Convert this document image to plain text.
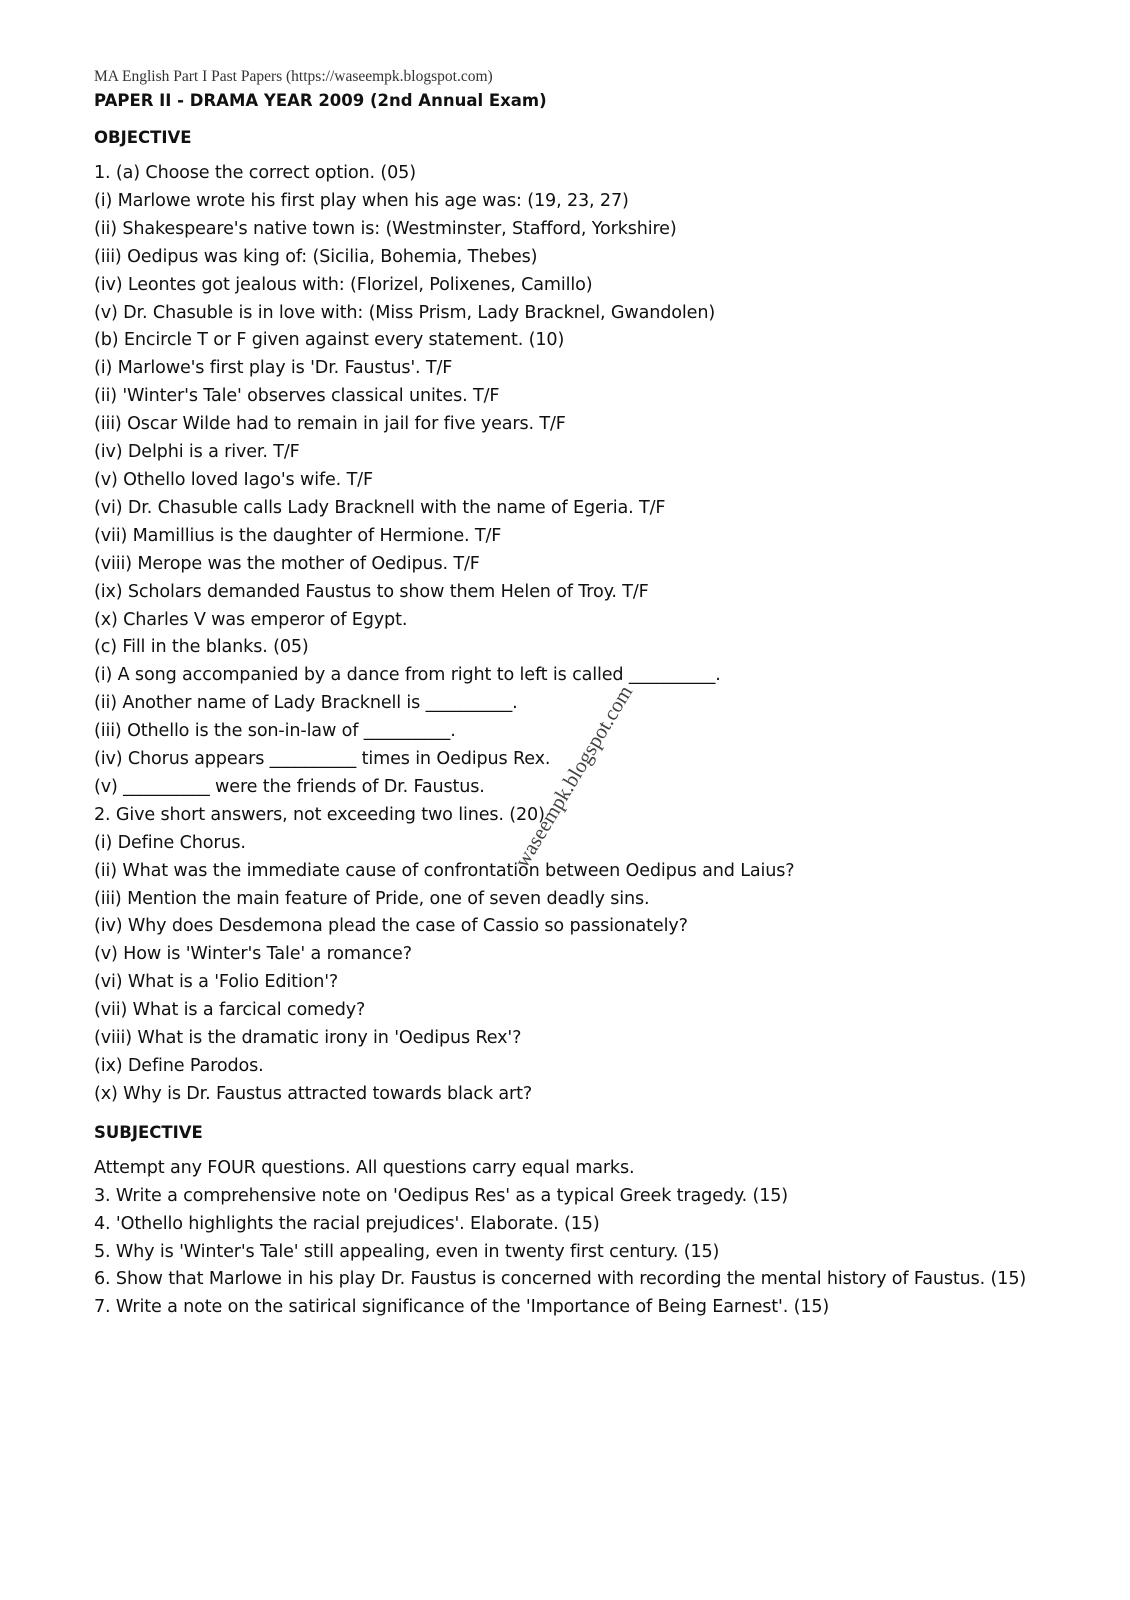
MA English Part I Past Papers (https://waseempk.blogspot.com)
PAPER II - DRAMA YEAR 2009 (2nd Annual Exam)
OBJECTIVE
1. (a) Choose the correct option. (05)
(i) Marlowe wrote his first play when his age was: (19, 23, 27)
(ii) Shakespeare's native town is: (Westminster, Stafford, Yorkshire)
(iii) Oedipus was king of: (Sicilia, Bohemia, Thebes)
(iv) Leontes got jealous with: (Florizel, Polixenes, Camillo)
(v) Dr. Chasuble is in love with: (Miss Prism, Lady Bracknel, Gwandolen)
(b) Encircle T or F given against every statement. (10)
(i) Marlowe's first play is 'Dr. Faustus'. T/F
(ii) 'Winter's Tale' observes classical unites. T/F
(iii) Oscar Wilde had to remain in jail for five years. T/F
(iv) Delphi is a river. T/F
(v) Othello loved Iago's wife. T/F
(vi) Dr. Chasuble calls Lady Bracknell with the name of Egeria. T/F
(vii) Mamillius is the daughter of Hermione. T/F
(viii) Merope was the mother of Oedipus. T/F
(ix) Scholars demanded Faustus to show them Helen of Troy. T/F
(x) Charles V was emperor of Egypt.
(c) Fill in the blanks. (05)
(i) A song accompanied by a dance from right to left is called __________.
(ii) Another name of Lady Bracknell is __________.
(iii) Othello is the son-in-law of __________.
(iv) Chorus appears __________ times in Oedipus Rex.
(v) __________ were the friends of Dr. Faustus.
2. Give short answers, not exceeding two lines. (20)
(i) Define Chorus.
(ii) What was the immediate cause of confrontation between Oedipus and Laius?
(iii) Mention the main feature of Pride, one of seven deadly sins.
(iv) Why does Desdemona plead the case of Cassio so passionately?
(v) How is 'Winter's Tale' a romance?
(vi) What is a 'Folio Edition'?
(vii) What is a farcical comedy?
(viii) What is the dramatic irony in 'Oedipus Rex'?
(ix) Define Parodos.
(x) Why is Dr. Faustus attracted towards black art?
SUBJECTIVE
Attempt any FOUR questions. All questions carry equal marks.
3. Write a comprehensive note on 'Oedipus Res' as a typical Greek tragedy. (15)
4. 'Othello highlights the racial prejudices'. Elaborate. (15)
5. Why is 'Winter's Tale' still appealing, even in twenty first century. (15)
6. Show that Marlowe in his play Dr. Faustus is concerned with recording the mental history of Faustus. (15)
7. Write a note on the satirical significance of the 'Importance of Being Earnest'. (15)
waseempk.blogspot.com
